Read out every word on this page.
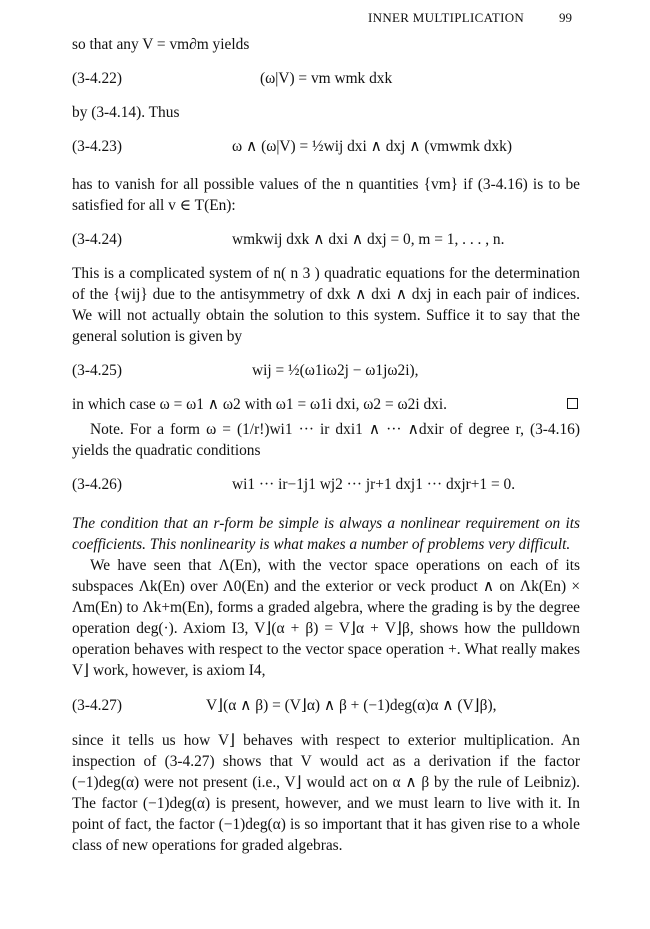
INNER MULTIPLICATION	99

so that any V = vm∂m yields

(3-4.22)	(ω|V) = vm wmk dxk

by (3-4.14). Thus

(3-4.23)	ω ∧ (ω|V) = ½wij dxi ∧ dxj ∧ (vmwmk dxk)

has to vanish for all possible values of the n quantities {vm} if (3-4.16) is to be satisfied for all v ∈ T(En):

(3-4.24)	wmkwij dxk ∧ dxi ∧ dxj = 0, m = 1, . . . , n.

This is a complicated system of n( n 3 ) quadratic equations for the determination of the {wij} due to the antisymmetry of dxk ∧ dxi ∧ dxj in each pair of indices. We will not actually obtain the solution to this system. Suffice it to say that the general solution is given by

(3-4.25)	wij = ½(ω1iω2j − ω1jω2i),
in which case ω = ω1 ∧ ω2 with ω1 = ω1i dxi, ω2 = ω2i dxi.

Note. For a form ω = (1/r!)wi1 ··· ir dxi1 ∧ ··· ∧dxir of degree r, (3-4.16) yields the quadratic conditions

(3-4.26)	wi1 ··· ir−1j1 wj2 ··· jr+1 dxj1 ··· dxjr+1 = 0.

The condition that an r-form be simple is always a nonlinear requirement on its coefficients. This nonlinearity is what makes a number of problems very difficult.

We have seen that Λ(En), with the vector space operations on each of its subspaces Λk(En) over Λ0(En) and the exterior or veck product ∧ on Λk(En) × Λm(En) to Λk+m(En), forms a graded algebra, where the grading is by the degree operation deg(·). Axiom I3, V⌋(α + β) = V⌋α + V⌋β, shows how the pulldown operation behaves with respect to the vector space operation +. What really makes V⌋ work, however, is axiom I4,

(3-4.27)	V⌋(α ∧ β) = (V⌋α) ∧ β + (−1)deg(α)α ∧ (V⌋β),

since it tells us how V⌋ behaves with respect to exterior multiplication. An inspection of (3-4.27) shows that V would act as a derivation if the factor (−1)deg(α) were not present (i.e., V⌋ would act on α ∧ β by the rule of Leibniz). The factor (−1)deg(α) is present, however, and we must learn to live with it. In point of fact, the factor (−1)deg(α) is so important that it has given rise to a whole class of new operations for graded algebras.
